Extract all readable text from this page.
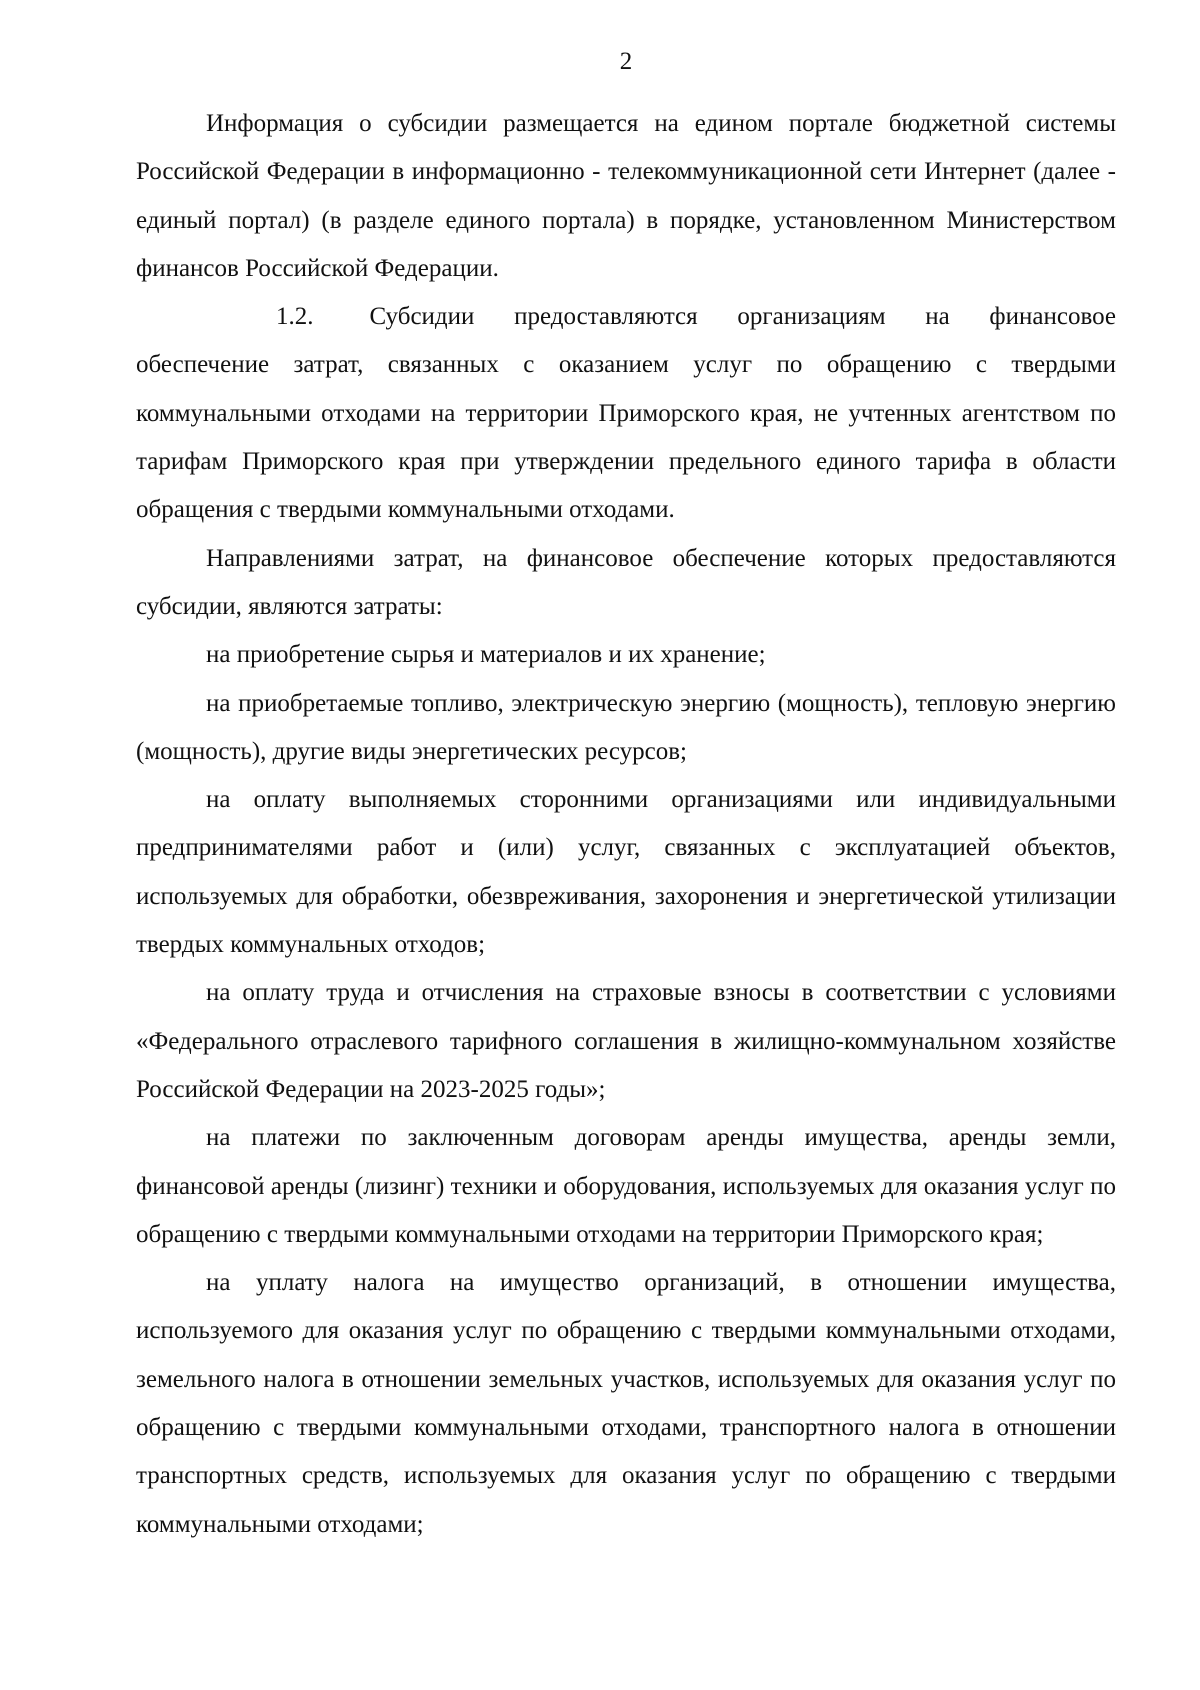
2

Информация о субсидии размещается на едином портале бюджетной системы Российской Федерации в информационно - телекоммуникационной сети Интернет (далее - единый портал) (в разделе единого портала) в порядке, установленном Министерством финансов Российской Федерации.

1.2. Субсидии предоставляются организациям на финансовое обеспечение затрат, связанных с оказанием услуг по обращению с твердыми коммунальными отходами на территории Приморского края, не учтенных агентством по тарифам Приморского края при утверждении предельного единого тарифа в области обращения с твердыми коммунальными отходами.

Направлениями затрат, на финансовое обеспечение которых предоставляются субсидии, являются затраты:

на приобретение сырья и материалов и их хранение;

на приобретаемые топливо, электрическую энергию (мощность), тепловую энергию (мощность), другие виды энергетических ресурсов;

на оплату выполняемых сторонними организациями или индивидуальными предпринимателями работ и (или) услуг, связанных с эксплуатацией объектов, используемых для обработки, обезвреживания, захоронения и энергетической утилизации твердых коммунальных отходов;

на оплату труда и отчисления на страховые взносы в соответствии с условиями «Федерального отраслевого тарифного соглашения в жилищно-коммунальном хозяйстве Российской Федерации на 2023-2025 годы»;

на платежи по заключенным договорам аренды имущества, аренды земли, финансовой аренды (лизинг) техники и оборудования, используемых для оказания услуг по обращению с твердыми коммунальными отходами на территории Приморского края;

на уплату налога на имущество организаций, в отношении имущества, используемого для оказания услуг по обращению с твердыми коммунальными отходами, земельного налога в отношении земельных участков, используемых для оказания услуг по обращению с твердыми коммунальными отходами, транспортного налога в отношении транспортных средств, используемых для оказания услуг по обращению с твердыми коммунальными отходами;
